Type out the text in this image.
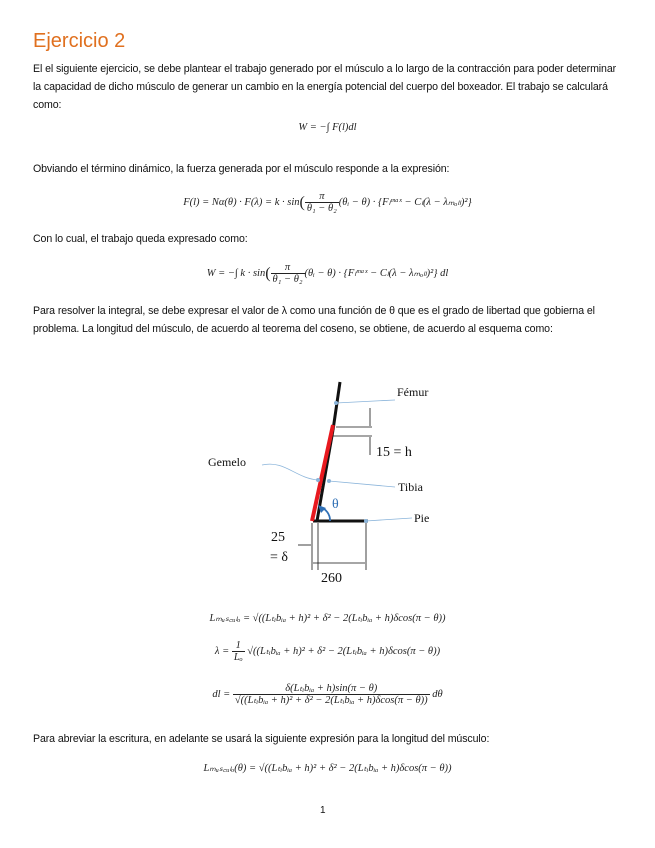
Ejercicio 2

El el siguiente ejercicio, se debe plantear el trabajo generado por el músculo a lo largo de la contracción para poder determinar la capacidad de dicho músculo de generar un cambio en la energía potencial del cuerpo del boxeador. El trabajo se calculará como:

W = −∫ F(l)dl

Obviando el término dinámico, la fuerza generada por el músculo responde a la expresión:

$F(l) = N\alpha(\theta) \cdot F(\lambda) = k \cdot \sin( \frac{\pi}{\text{θ₁ − θ₂}}$ (θᵢ − θ) · {Fₗᵐᵃˣ − Cₗ(λ − λₘₒₗₗ)²}

Con lo cual, el trabajo queda expresado como:

W = −∫ $k \cdot \sin( \frac{\pi}{\text{θ₁ − θ₂}}$ (θᵢ − θ) · {Fₗᵐᵃˣ − Cₗ(λ − λₘₒₗₗ)²} dl

Para resolver la integral, se debe expresar el valor de λ como una función de θ que es el grado de libertad que gobierna el problema. La longitud del músculo, de acuerdo al teorema del coseno, se obtiene, de acuerdo al esquema como:

θ
15 = h
Fémur
Gemelo
Tibia
Pie
25
= δ
260
Lₘᵤₛ꜀ᵤₗₒ = √((Lₜᵢbᵢₐ + h)² + δ² − 2(Lₜᵢbᵢₐ + h)δcos(π − θ))
$\lambda = \frac{1}{\text{Lₒ}}$ √((Lₜᵢbᵢₐ + h)² + δ² − 2(Lₜᵢbᵢₐ + h)δcos(π − θ))
dl = $\frac{\text{δ(Lₜᵢbᵢₐ + h)sin(π − θ)}}{\text{√((Lₜᵢbᵢₐ + h)² + δ² − 2(Lₜᵢbᵢₐ + h)δcos(π − θ))}}$ dθ

Para abreviar la escritura, en adelante se usará la siguiente expresión para la longitud del músculo:

Lₘᵤₛ꜀ᵤₗₒ(θ) = √((Lₜᵢbᵢₐ + h)² + δ² − 2(Lₜᵢbᵢₐ + h)δcos(π − θ))
1
